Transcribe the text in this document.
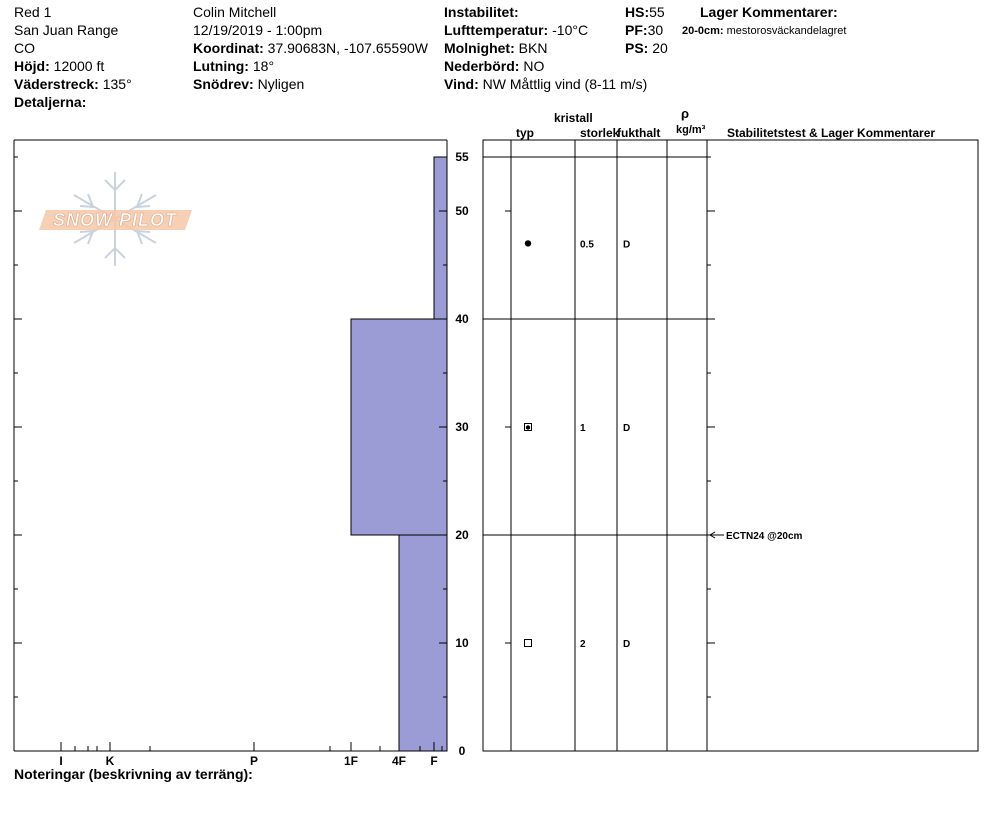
Red 1
San Juan Range
CO
Höjd: 12000 ft
Väderstreck: 135°
Detaljerna:
Colin Mitchell
12/19/2019 - 1:00pm
Koordinat: 37.90683N, -107.65590W
Lutning: 18°
Snödrev: Nyligen
Instabilitet:
Lufttemperatur: -10°C
Molnighet: BKN
Nederbörd: NO
Vind: NW Måttlig vind (8-11 m/s)
HS:55
PF:30
PS: 20
Lager Kommentarer:
20-0cm: mestorosväckandelagret
kristall
typ	storlek
fukthalt
ρ
kg/m³ Stabilitetstest & Lager Kommentarer
SNOW PILOT
0
10
20
30
40
50
55
I	K	P	1F	4F F
0.5	D
1	D
2	D
ECTN24 @20cm
Noteringar (beskrivning av terräng):
